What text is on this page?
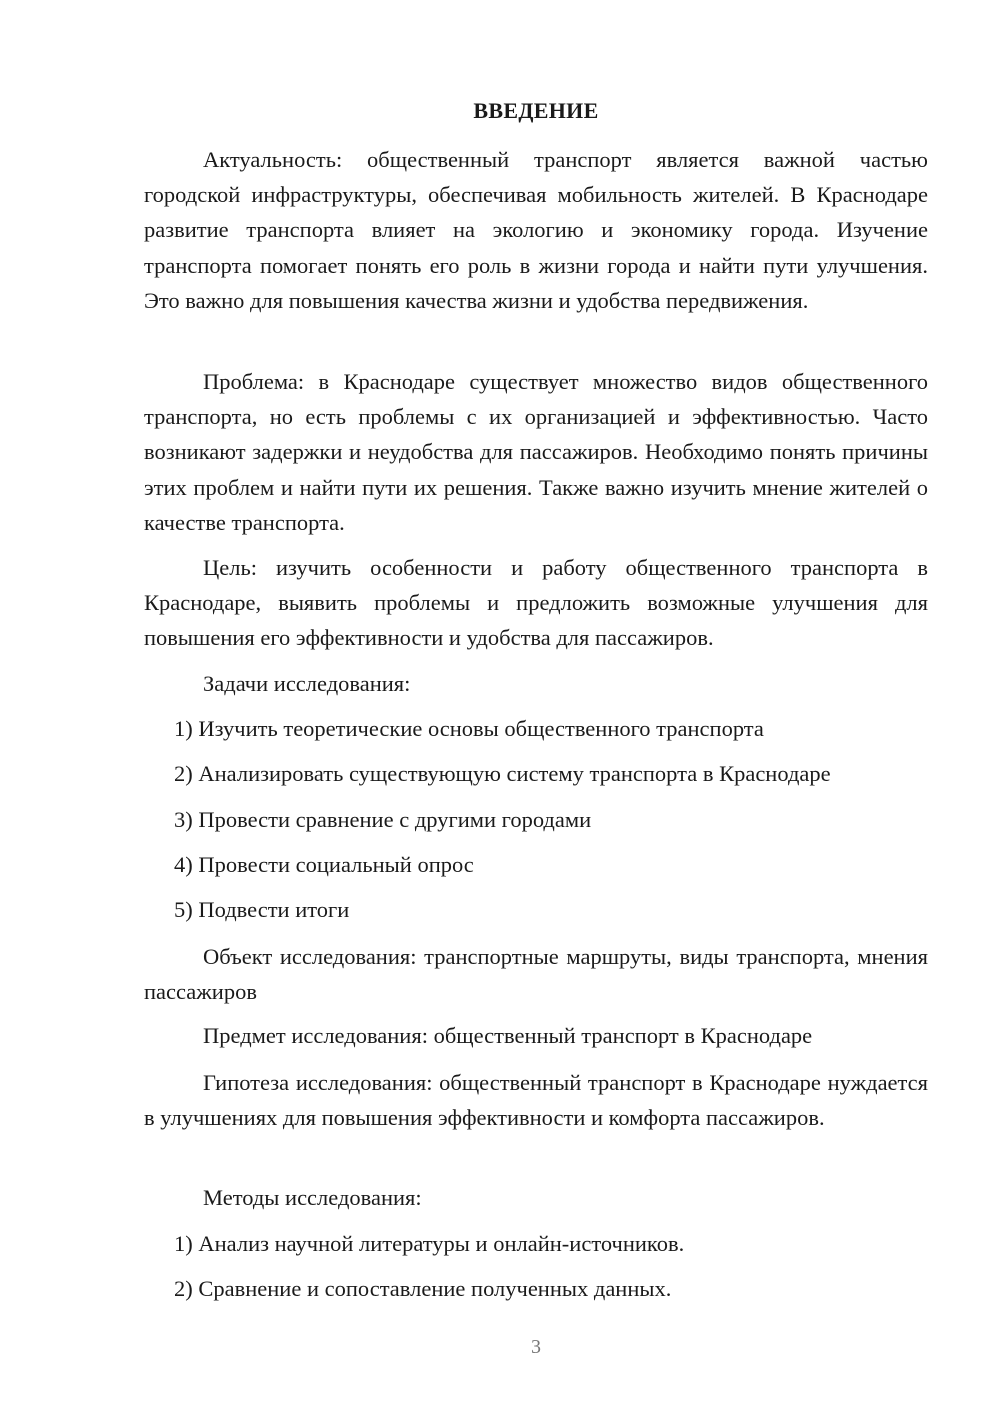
ВВЕДЕНИЕ

Актуальность: общественный транспорт является важной частью городской инфраструктуры, обеспечивая мобильность жителей. В Краснодаре развитие транспорта влияет на экологию и экономику города. Изучение транспорта помогает понять его роль в жизни города и найти пути улучшения. Это важно для повышения качества жизни и удобства передвижения.

Проблема: в Краснодаре существует множество видов общественного транспорта, но есть проблемы с их организацией и эффективностью. Часто возникают задержки и неудобства для пассажиров. Необходимо понять причины этих проблем и найти пути их решения. Также важно изучить мнение жителей о качестве транспорта.

Цель: изучить особенности и работу общественного транспорта в Краснодаре, выявить проблемы и предложить возможные улучшения для повышения его эффективности и удобства для пассажиров.

Задачи исследования:
1) Изучить теоретические основы общественного транспорта
2) Анализировать существующую систему транспорта в Краснодаре
3) Провести сравнение с другими городами
4) Провести социальный опрос
5) Подвести итоги

Объект исследования: транспортные маршруты, виды транспорта, мнения пассажиров

Предмет исследования: общественный транспорт в Краснодаре

Гипотеза исследования: общественный транспорт в Краснодаре нуждается в улучшениях для повышения эффективности и комфорта пассажиров.

Методы исследования:
1) Анализ научной литературы и онлайн-источников.
2) Сравнение и сопоставление полученных данных.
3
